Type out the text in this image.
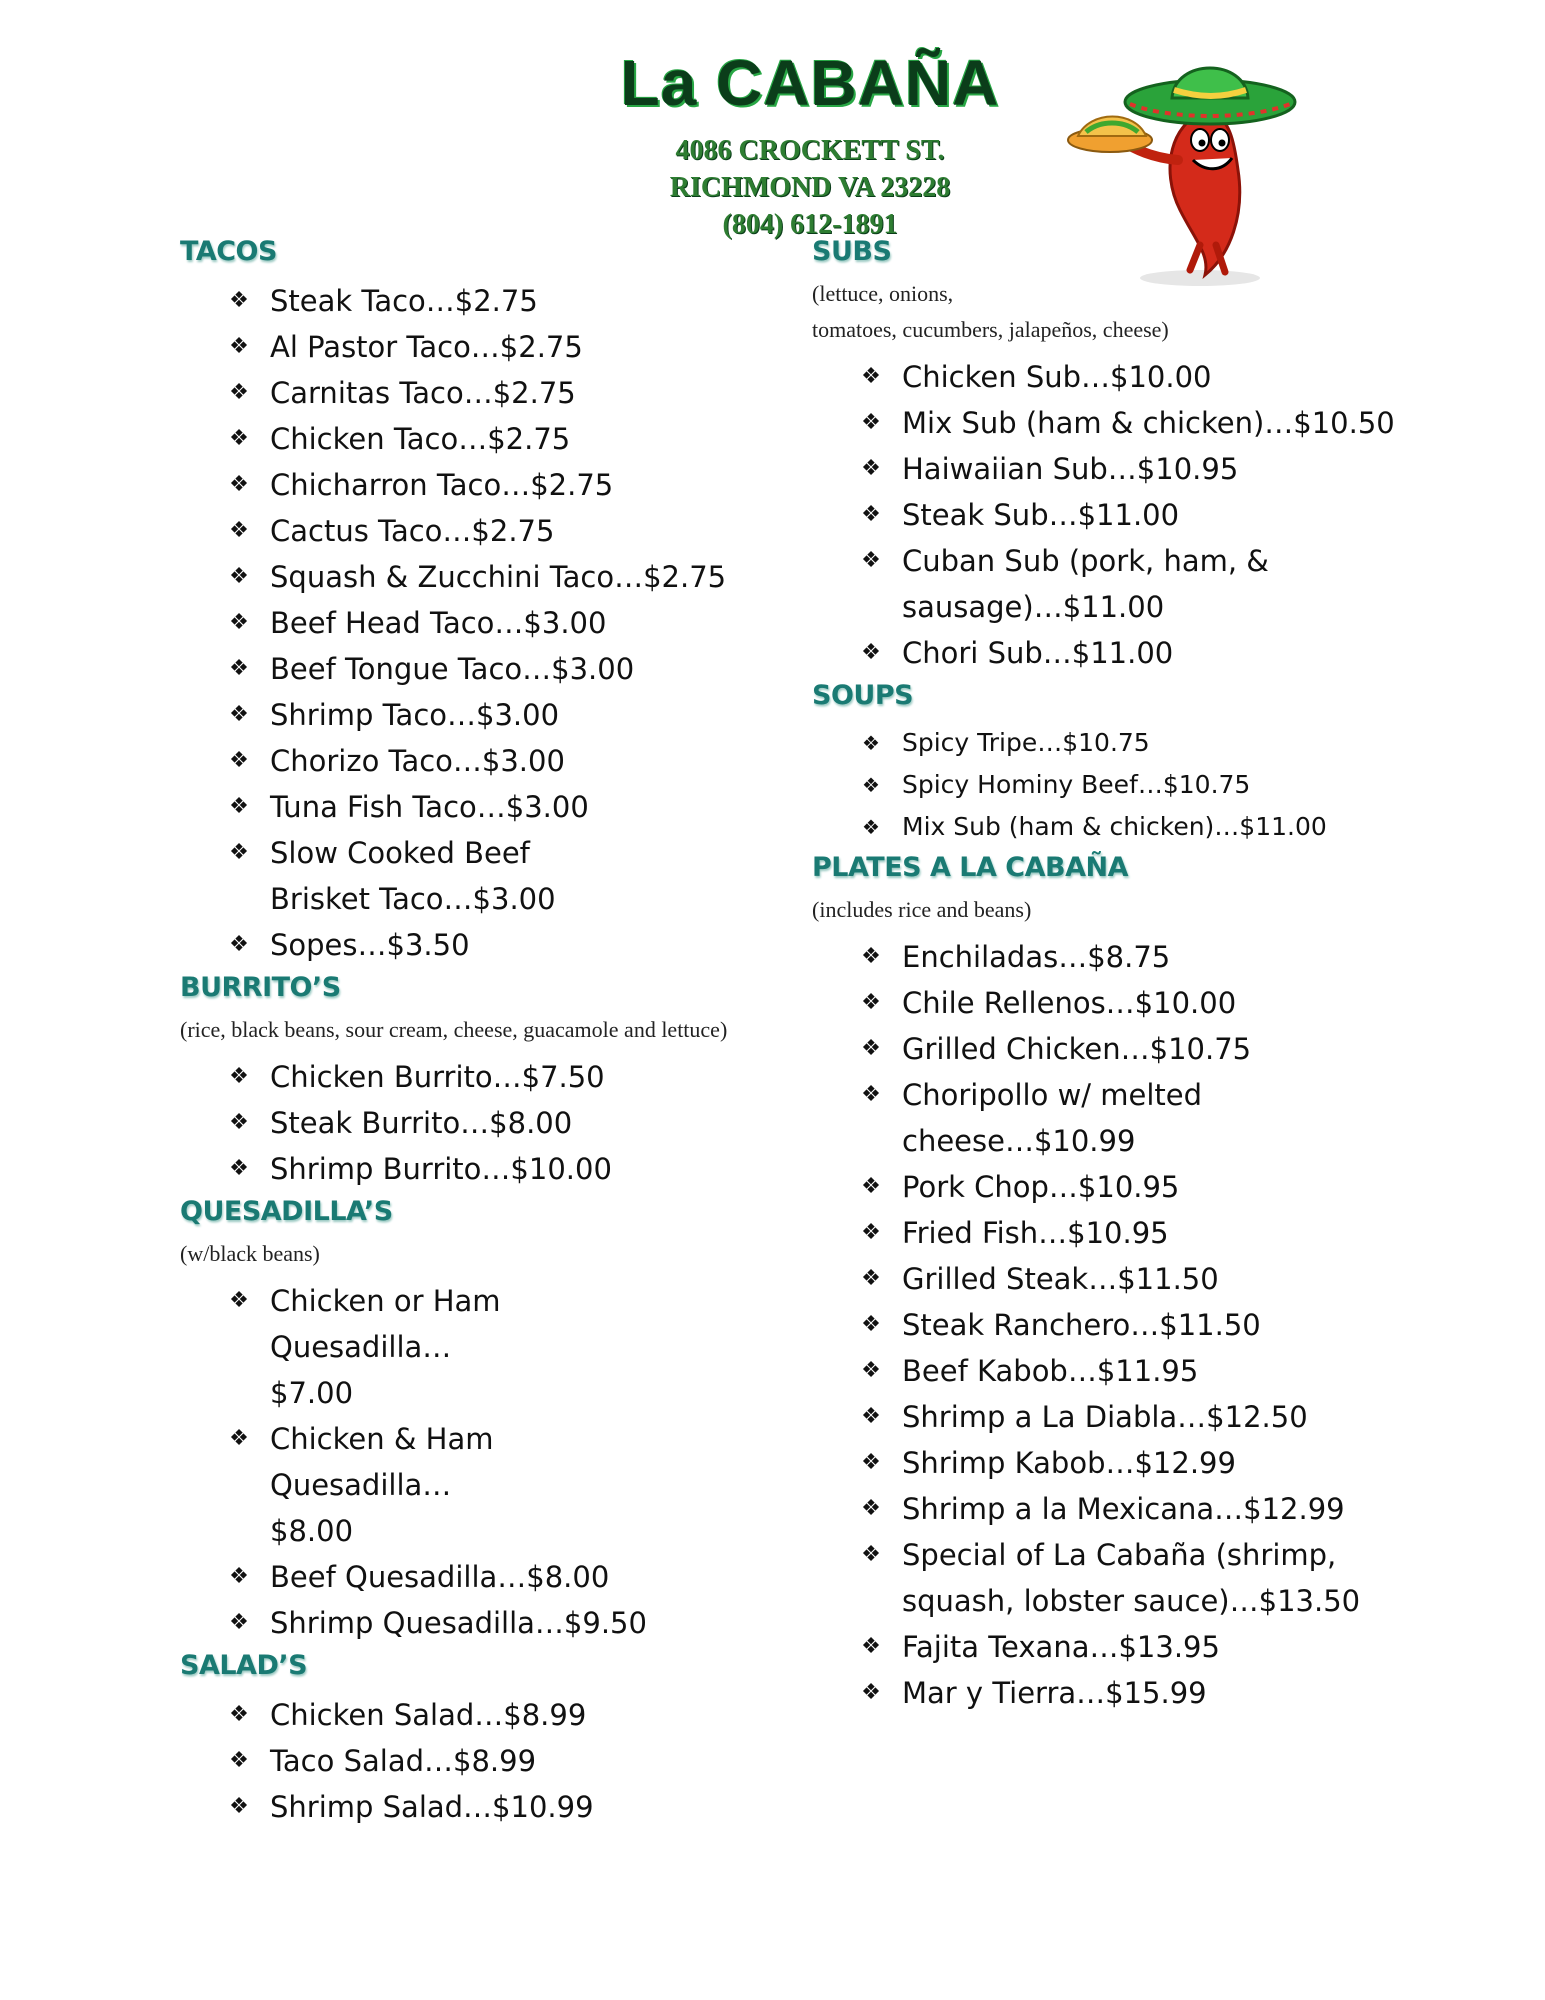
La CABAÑA
4086 CROCKETT ST.
RICHMOND VA 23228
(804) 612-1891
TACOS
❖ Steak Taco…$2.75
❖ Al Pastor Taco…$2.75
❖ Carnitas Taco…$2.75
❖ Chicken Taco…$2.75
❖ Chicharron Taco…$2.75
❖ Cactus Taco…$2.75
❖ Squash & Zucchini Taco…$2.75
❖ Beef Head Taco…$3.00
❖ Beef Tongue Taco…$3.00
❖ Shrimp Taco…$3.00
❖ Chorizo Taco…$3.00
❖ Tuna Fish Taco…$3.00
❖ Slow Cooked Beef Brisket Taco…$3.00
❖ Sopes…$3.50
BURRITO’S
(rice, black beans, sour cream, cheese, guacamole and lettuce)
❖ Chicken Burrito…$7.50
❖ Steak Burrito…$8.00
❖ Shrimp Burrito…$10.00
QUESADILLA’S
(w/black beans)
❖ Chicken or Ham Quesadilla…$7.00
❖ Chicken & Ham Quesadilla…$8.00
❖ Beef Quesadilla…$8.00
❖ Shrimp Quesadilla…$9.50
SALAD’S
❖ Chicken Salad…$8.99
❖ Taco Salad…$8.99
❖ Shrimp Salad…$10.99
SUBS
(lettuce, onions,
tomatoes, cucumbers, jalapeños, cheese)
❖ Chicken Sub…$10.00
❖ Mix Sub (ham & chicken)…$10.50
❖ Haiwaiian Sub…$10.95
❖ Steak Sub…$11.00
❖ Cuban Sub (pork, ham, & sausage)…$11.00
❖ Chori Sub…$11.00
SOUPS
❖ Spicy Tripe…$10.75
❖ Spicy Hominy Beef…$10.75
❖ Mix Sub (ham & chicken)…$11.00
PLATES A LA CABAÑA
(includes rice and beans)
❖ Enchiladas…$8.75
❖ Chile Rellenos…$10.00
❖ Grilled Chicken…$10.75
❖ Choripollo w/ melted cheese…$10.99
❖ Pork Chop…$10.95
❖ Fried Fish…$10.95
❖ Grilled Steak…$11.50
❖ Steak Ranchero…$11.50
❖ Beef Kabob…$11.95
❖ Shrimp a La Diabla…$12.50
❖ Shrimp Kabob…$12.99
❖ Shrimp a la Mexicana…$12.99
❖ Special of La Cabaña (shrimp, squash, lobster sauce)…$13.50
❖ Fajita Texana…$13.95
❖ Mar y Tierra…$15.99
